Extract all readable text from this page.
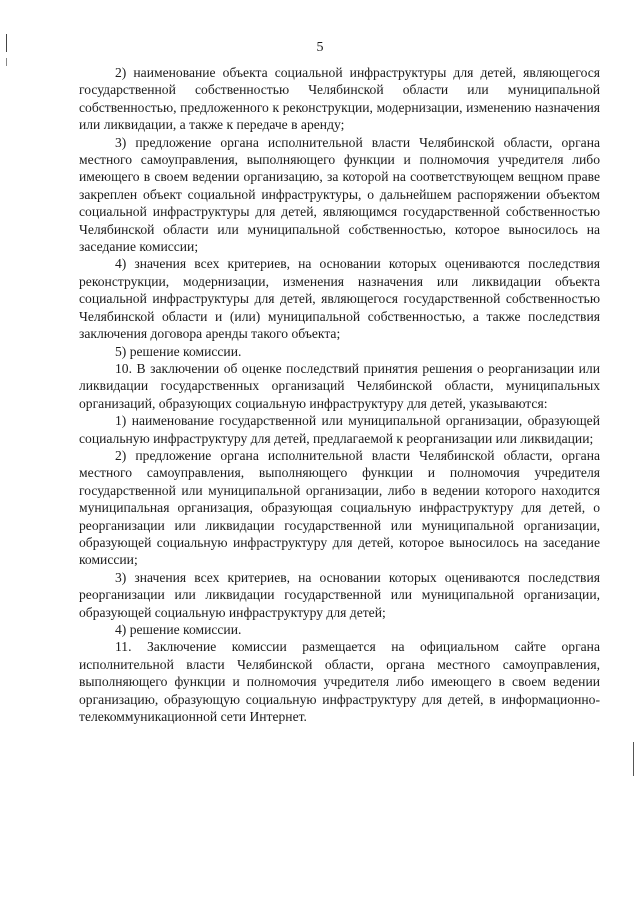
5

2) наименование объекта социальной инфраструктуры для детей, являющегося государственной собственностью Челябинской области или муниципальной собственностью, предложенного к реконструкции, модернизации, изменению назначения или ликвидации, а также к передаче в аренду;

3) предложение органа исполнительной власти Челябинской области, органа местного самоуправления, выполняющего функции и полномочия учредителя либо имеющего в своем ведении организацию, за которой на соответствующем вещном праве закреплен объект социальной инфраструктуры, о дальнейшем распоряжении объектом социальной инфраструктуры для детей, являющимся государственной собственностью Челябинской области или муниципальной собственностью, которое выносилось на заседание комиссии;

4) значения всех критериев, на основании которых оцениваются последствия реконструкции, модернизации, изменения назначения или ликвидации объекта социальной инфраструктуры для детей, являющегося государственной собственностью Челябинской области и (или) муниципальной собственностью, а также последствия заключения договора аренды такого объекта;

5) решение комиссии.

10. В заключении об оценке последствий принятия решения о реорганизации или ликвидации государственных организаций Челябинской области, муниципальных организаций, образующих социальную инфраструктуру для детей, указываются:

1) наименование государственной или муниципальной организации, образующей социальную инфраструктуру для детей, предлагаемой к реорганизации или ликвидации;

2) предложение органа исполнительной власти Челябинской области, органа местного самоуправления, выполняющего функции и полномочия учредителя государственной или муниципальной организации, либо в ведении которого находится муниципальная организация, образующая социальную инфраструктуру для детей, о реорганизации или ликвидации государственной или муниципальной организации, образующей социальную инфраструктуру для детей, которое выносилось на заседание комиссии;

3) значения всех критериев, на основании которых оцениваются последствия реорганизации или ликвидации государственной или муниципальной организации, образующей социальную инфраструктуру для детей;

4) решение комиссии.

11. Заключение комиссии размещается на официальном сайте органа исполнительной власти Челябинской области, органа местного самоуправления, выполняющего функции и полномочия учредителя либо имеющего в своем ведении организацию, образующую социальную инфраструктуру для детей, в информационно-телекоммуникационной сети Интернет.
